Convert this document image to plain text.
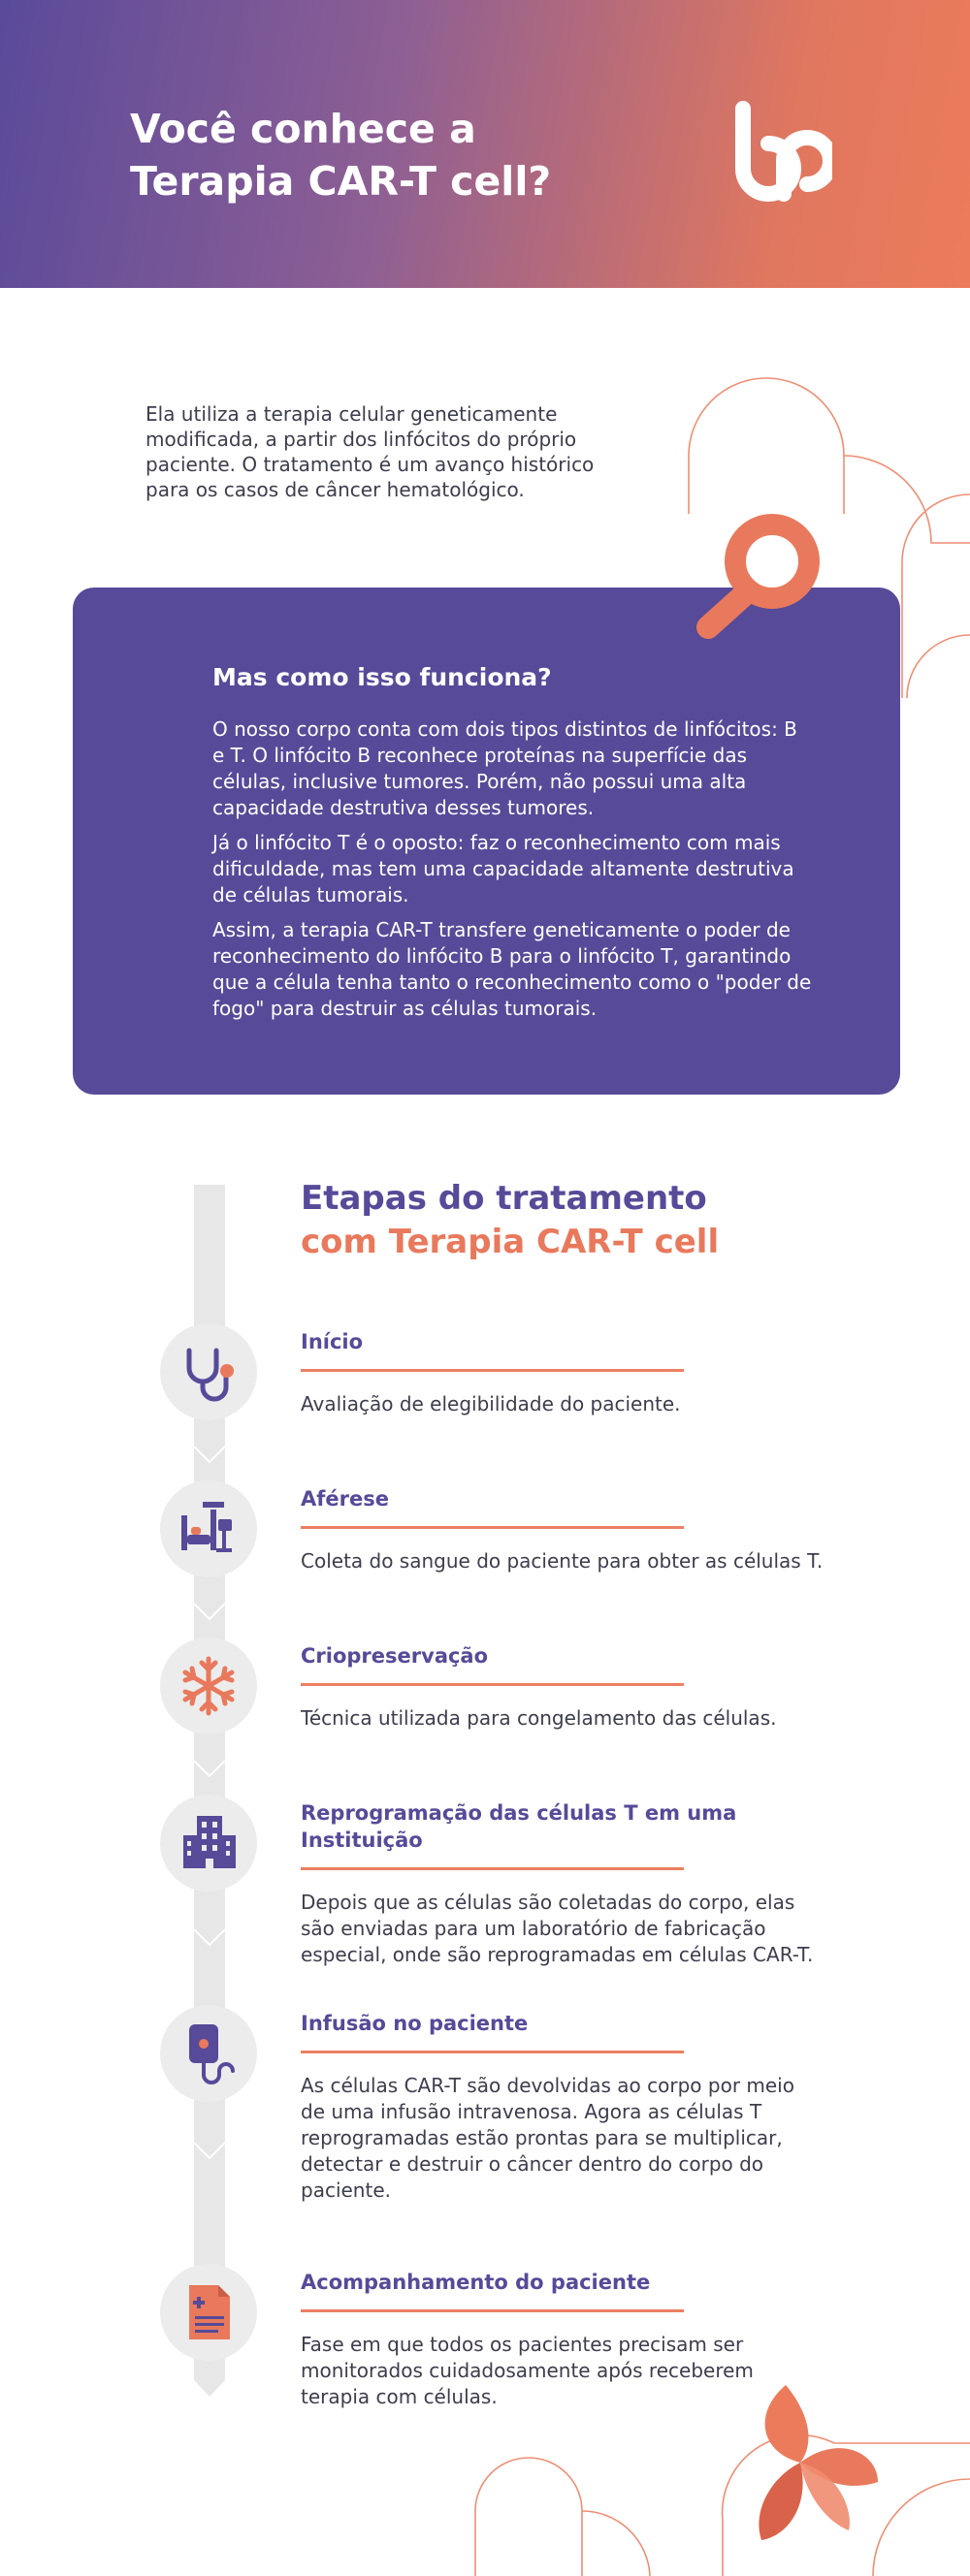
Você conhece a
Terapia CAR-T cell?

Ela utiliza a terapia celular geneticamente modificada, a partir dos linfócitos do próprio paciente. O tratamento é um avanço histórico para os casos de câncer hematológico.

Mas como isso funciona?

O nosso corpo conta com dois tipos distintos de linfócitos: B e T. O linfócito B reconhece proteínas na superfície das células, inclusive tumores. Porém, não possui uma alta capacidade destrutiva desses tumores.

Já o linfócito T é o oposto: faz o reconhecimento com mais dificuldade, mas tem uma capacidade altamente destrutiva de células tumorais.

Assim, a terapia CAR-T transfere geneticamente o poder de reconhecimento do linfócito B para o linfócito T, garantindo que a célula tenha tanto o reconhecimento como o "poder de fogo" para destruir as células tumorais.

Etapas do tratamento
com Terapia CAR-T cell

Início

Avaliação de elegibilidade do paciente.

Aférese

Coleta do sangue do paciente para obter as células T.

Criopreservação

Técnica utilizada para congelamento das células.

Reprogramação das células T em uma Instituição

Depois que as células são coletadas do corpo, elas são enviadas para um laboratório de fabricação especial, onde são reprogramadas em células CAR-T.

Infusão no paciente

As células CAR-T são devolvidas ao corpo por meio de uma infusão intravenosa. Agora as células T reprogramadas estão prontas para se multiplicar, detectar e destruir o câncer dentro do corpo do paciente.

Acompanhamento do paciente

Fase em que todos os pacientes precisam ser monitorados cuidadosamente após receberem terapia com células.
